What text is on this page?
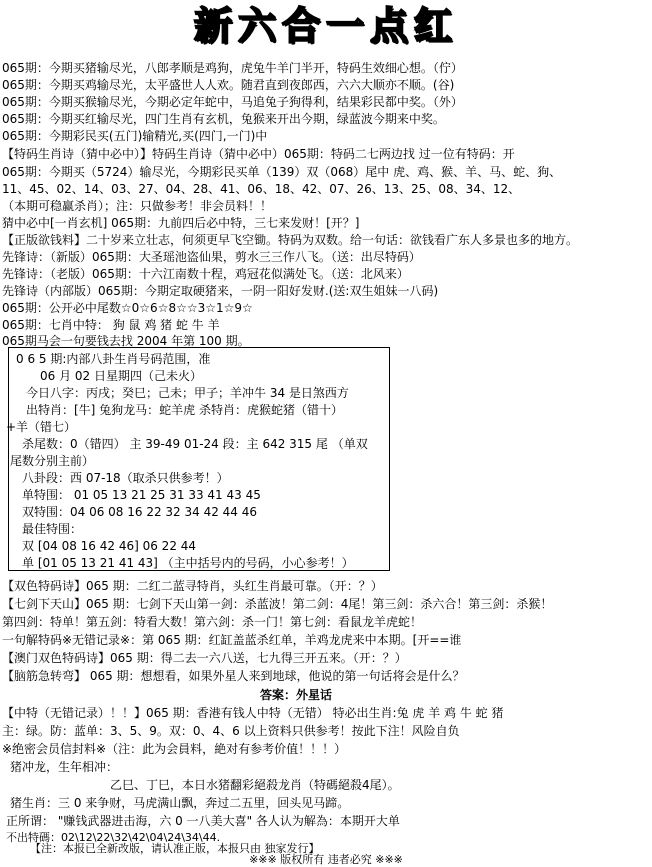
新六合一点红
065期：今期买猪输尽光，八郎孝顺是鸡狗，虎兔牛羊门半开，特码生效细心想。（佇）
065期：今期买鸡输尽光，太平盛世人人欢。随君直到夜郎西，六六大顺亦不顺。(谷)
065期：今期买猴输尽光，今期必定年蛇中，马追兔子狗得利，结果彩民都中奖。（外）
065期：今期买红输尽光，四门生肖有玄机，兔猴来开出今期，绿蓝波今期来中奖。
065期：今期彩民买(五门)输精光,买(四门,一门)中
【特码生肖诗（猜中必中）】特码生肖诗（猜中必中）065期：特码二七两边找 过一位有特码：开
065期：今期买（5724）输尽光，今期彩民买单（139）双（068）尾中 虎、鸡、猴、羊、马、蛇、狗、
11、45、02、14、03、27、04、28、41、06、18、42、07、26、13、25、08、34、12、
（本期可稳赢杀肖）；注：只做参考！非会员料！！
猜中必中[一肖玄机] 065期：九前四后必中特，三七来发财！[开？]
【正版欲钱料】二十岁来立壮志，何须更早飞空锄。特码为双数。给一句话：欲钱看广东人多景也多的地方。
先锋诗：（新版）065期：大圣瑶池盗仙果，剪水三三作八飞。（送：出尽特码）
先锋诗：（老版）065期：十六江南数十程，鸡冠花似满处飞。（送：北风来）
先锋诗（内部版）065期：今期定取硬猪来，一阴一阳好发财.(送:双生姐妹一八码)
065期：公开必中尾数☆0☆6☆8☆☆3☆1☆9☆
065期：七肖中特： 狗 鼠 鸡 猪 蛇 牛 羊
065期马会一句要钱去找 2004 年第 100 期。
0 6 5 期:内部八卦生肖号码范围，准
06 月 02 日星期四（己未火）
今日八字：丙戌；癸巳；己未；甲子；羊冲牛 34 是日煞西方
出特肖：[牛] 兔狗龙马：蛇羊虎 杀特肖：虎猴蛇猪（错十）
+羊（错七）
杀尾数：0（错四） 主 39-49 01-24 段：主 642 315 尾 （单双
尾数分别主前）
八卦段：西 07-18（取杀只供参考！）
单特围： 01 05 13 21 25 31 33 41 43 45
双特围：04 06 08 16 22 32 34 42 44 46
最佳特围：
双 [04 08 16 42 46] 06 22 44
单 [01 05 13 21 41 43] （主中括号内的号码，小心参考！）
【双色特码诗】065 期：二红二蓝寻特肖，头红生肖最可靠。（开：？）
【七剑下天山】065 期：七剑下天山第一剑：杀蓝波！第二剑：4尾！第三剑：杀六合！第三剑：杀猴！
第四剑：特单！第五剑：特看大数！第六剑：杀一门！第七剑：看鼠龙羊虎蛇！
一句解特码※无错记录※：第 065 期：红缸盖蓝杀红单，羊鸡龙虎来中本期。[开==谁
【澳门双色特码诗】065 期：得二去一六八送，七九得三开五来。（开：？）
【脑筋急转弯】 065 期：想想看，如果外星人来到地球，他说的第一句话将会是什么？
答案：外星话
【中特（无错记录）！！】065 期：香港有钱人中特（无错） 特必出生肖:兔 虎 羊 鸡 牛 蛇 猪
主：绿。防：蓝单：3、5、9。双：0、4、6 以上资料只供参考！按此下注！风险自负
※绝密会员信封料※（注：此为会員料，絶对有参考价值！！！）
猪冲龙，生年相冲：
乙巳、丁巳，本日水猪翻彩絕殺龙肖（特碼絕殺4尾）。
猪生肖：三 0 来争财，马虎满山飘，奔过二五里，回头见马蹄。
正所谓： "赚钱武器进击海，六 0 一八美大喜" 各人认为解為：本期开大单
不出特碼：02\12\22\32\42\04\24\34\44.
【注：本报已全新改版，请认准正版，本报只由 独家发行】
※※※ 版权所有 违者必究 ※※※
